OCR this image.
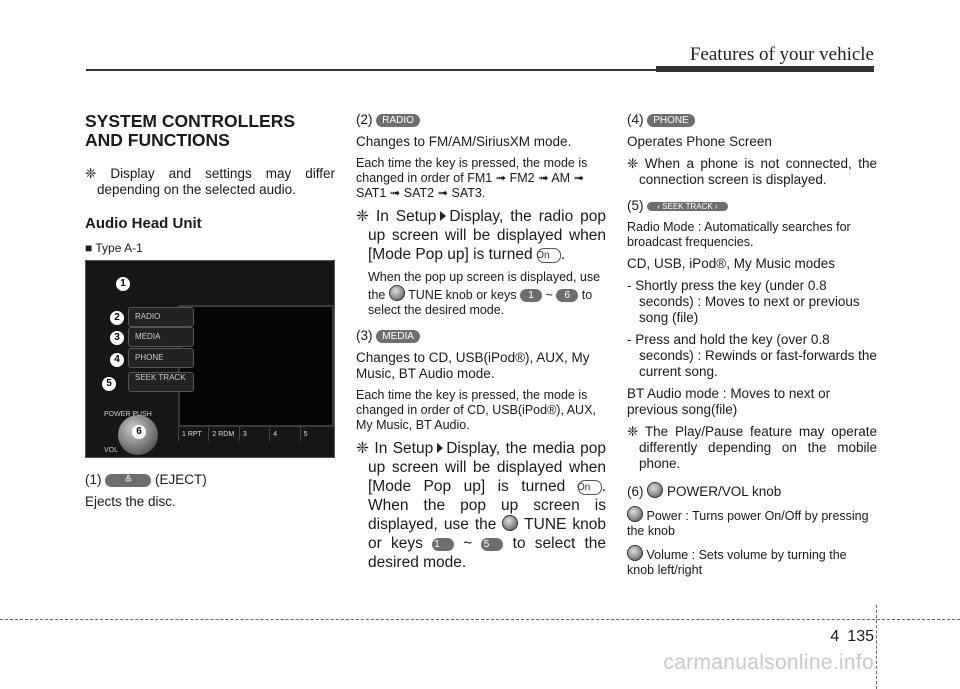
Features of your vehicle
SYSTEM CONTROLLERS AND FUNCTIONS

❈ Display and settings may differ depending on the selected audio.

Audio Head Unit
■ Type A-1
RADIO
MEDIA
PHONE
SEEK TRACK
POWER PUSH
VOL
1 RPT	2 RDM	3	4	5
1
2
3
4
5
6

(1) ≙ (EJECT)

Ejects the disc.

(2) RADIO

Changes to FM/AM/SiriusXM mode.

Each time the key is pressed, the mode is changed in order of FM1 ➟ FM2 ➟ AM ➟ SAT1 ➟ SAT2 ➟ SAT3.

❈ In Setup Display, the radio pop up screen will be displayed when [Mode Pop up] is turned On .

When the pop up screen is displayed, use the TUNE knob or keys 1 ~ 6 to select the desired mode.

(3) MEDIA

Changes to CD, USB(iPod®), AUX, My Music, BT Audio mode.

Each time the key is pressed, the mode is changed in order of CD, USB(iPod®), AUX, My Music, BT Audio.

❈ In Setup Display, the media pop up screen will be displayed when [Mode Pop up] is turned On . When the pop up screen is displayed, use the TUNE knob or keys 1 ~ 5 to select the desired mode.

(4) PHONE

Operates Phone Screen

❈ When a phone is not connected, the connection screen is displayed.

(5) ‹ SEEK TRACK ›

Radio Mode : Automatically searches for broadcast frequencies.

CD, USB, iPod®, My Music modes

- Shortly press the key (under 0.8 seconds) : Moves to next or previous song (file)

- Press and hold the key (over 0.8 seconds) : Rewinds or fast-forwards the current song.

BT Audio mode : Moves to next or previous song(file)

❈ The Play/Pause feature may operate differently depending on the mobile phone.

(6) POWER/VOL knob

Power : Turns power On/Off by pressing the knob

Volume : Sets volume by turning the knob left/right

4 135
carmanualsonline.info
